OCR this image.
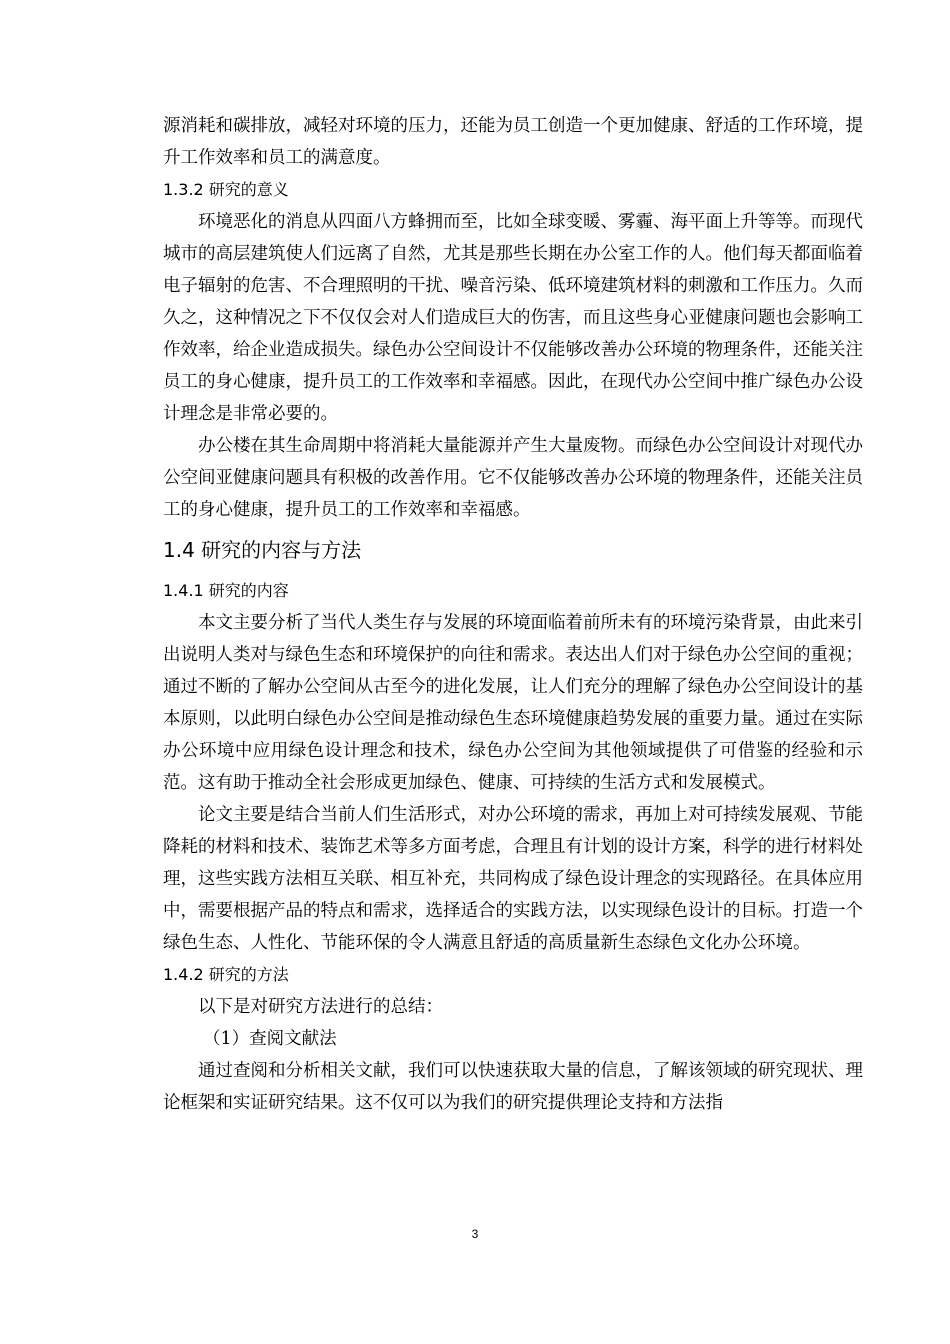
源消耗和碳排放，减轻对环境的压力，还能为员工创造一个更加健康、舒适的工作环境，提升工作效率和员工的满意度。

1.3.2 研究的意义

环境恶化的消息从四面八方蜂拥而至，比如全球变暖、雾霾、海平面上升等等。而现代城市的高层建筑使人们远离了自然，尤其是那些长期在办公室工作的人。他们每天都面临着电子辐射的危害、不合理照明的干扰、噪音污染、低环境建筑材料的刺激和工作压力。久而久之，这种情况之下不仅仅会对人们造成巨大的伤害，而且这些身心亚健康问题也会影响工作效率，给企业造成损失。绿色办公空间设计不仅能够改善办公环境的物理条件，还能关注员工的身心健康，提升员工的工作效率和幸福感。因此，在现代办公空间中推广绿色办公设计理念是非常必要的。

办公楼在其生命周期中将消耗大量能源并产生大量废物。而绿色办公空间设计对现代办公空间亚健康问题具有积极的改善作用。它不仅能够改善办公环境的物理条件，还能关注员工的身心健康，提升员工的工作效率和幸福感。

1.4 研究的内容与方法
1.4.1 研究的内容

本文主要分析了当代人类生存与发展的环境面临着前所未有的环境污染背景，由此来引出说明人类对与绿色生态和环境保护的向往和需求。表达出人们对于绿色办公空间的重视；通过不断的了解办公空间从古至今的进化发展，让人们充分的理解了绿色办公空间设计的基本原则，以此明白绿色办公空间是推动绿色生态环境健康趋势发展的重要力量。通过在实际办公环境中应用绿色设计理念和技术，绿色办公空间为其他领域提供了可借鉴的经验和示范。这有助于推动全社会形成更加绿色、健康、可持续的生活方式和发展模式。

论文主要是结合当前人们生活形式，对办公环境的需求，再加上对可持续发展观、节能降耗的材料和技术、装饰艺术等多方面考虑，合理且有计划的设计方案，科学的进行材料处理，这些实践方法相互关联、相互补充，共同构成了绿色设计理念的实现路径。在具体应用中，需要根据产品的特点和需求，选择适合的实践方法，以实现绿色设计的目标。打造一个绿色生态、人性化、节能环保的令人满意且舒适的高质量新生态绿色文化办公环境。

1.4.2 研究的方法

以下是对研究方法进行的总结：

（1）查阅文献法

通过查阅和分析相关文献，我们可以快速获取大量的信息，了解该领域的研究现状、理论框架和实证研究结果。这不仅可以为我们的研究提供理论支持和方法指

3
